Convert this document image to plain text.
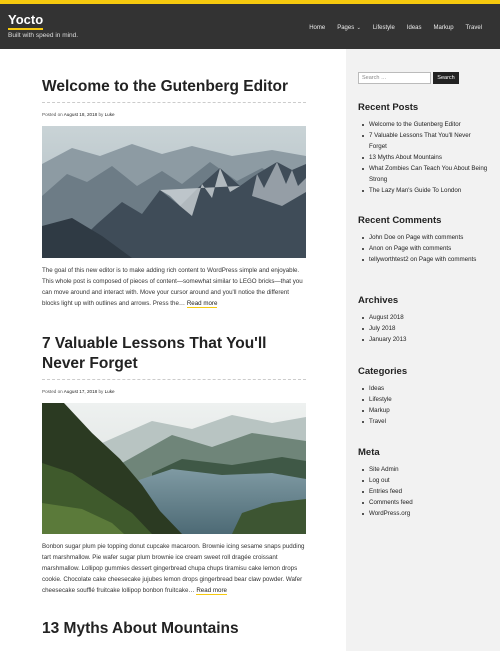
Yocto
Built with speed in mind.
Home Pages ⌄ Lifestyle Ideas Markup Travel
Welcome to the Gutenberg Editor
Posted on August 18, 2018 by Luke

The goal of this new editor is to make adding rich content to WordPress simple and enjoyable. This whole post is composed of pieces of content—somewhat similar to LEGO bricks—that you can move around and interact with. Move your cursor around and you'll notice the different blocks light up with outlines and arrows. Press the… Read more

7 Valuable Lessons That You'll Never Forget
Posted on August 17, 2018 by Luke

Bonbon sugar plum pie topping donut cupcake macaroon. Brownie icing sesame snaps pudding tart marshmallow. Pie wafer sugar plum brownie ice cream sweet roll dragée croissant marshmallow. Lollipop gummies dessert gingerbread chupa chups tiramisu cake lemon drops cookie. Chocolate cake cheesecake jujubes lemon drops gingerbread bear claw powder. Wafer cheesecake soufflé fruitcake lollipop bonbon fruitcake… Read more

13 Myths About Mountains
Search …
Search
Recent Posts
Welcome to the Gutenberg Editor
7 Valuable Lessons That You'll Never Forget
13 Myths About Mountains
What Zombies Can Teach You About Being Strong
The Lazy Man's Guide To London
Recent Comments
John Doe on Page with comments
Anon on Page with comments
tellyworthtest2 on Page with comments
Archives
August 2018
July 2018
January 2013
Categories
Ideas
Lifestyle
Markup
Travel
Meta
Site Admin
Log out
Entries feed
Comments feed
WordPress.org
